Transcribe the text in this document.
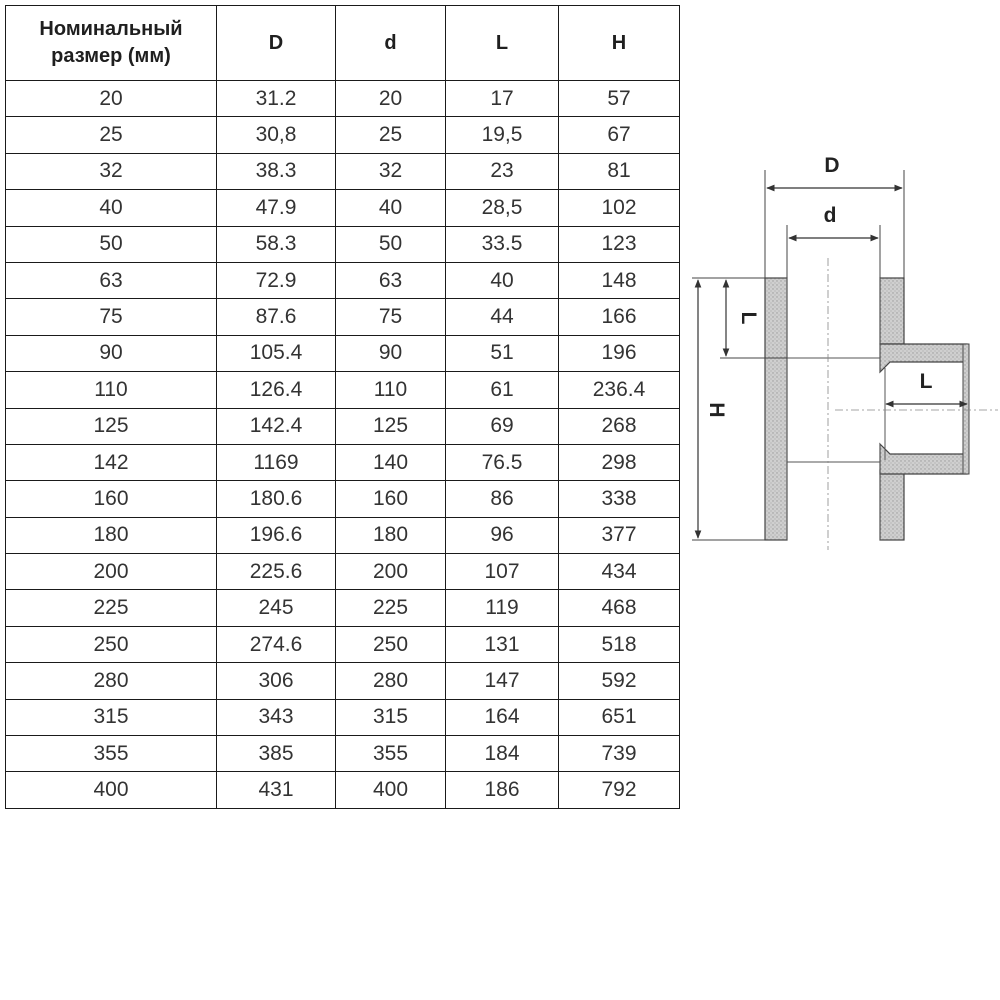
Номинальный размер (мм)	D	d	L	H
20	31.2	20	17	57
25	30,8	25	19,5	67
32	38.3	32	23	81
40	47.9	40	28,5	102
50	58.3	50	33.5	123
63	72.9	63	40	148
75	87.6	75	44	166
90	105.4	90	51	196
110	126.4	110	61	236.4
125	142.4	125	69	268
142	1169	140	76.5	298
160	180.6	160	86	338
180	196.6	180	96	377
200	225.6	200	107	434
225	245	225	119	468
250	274.6	250	131	518
280	306	280	147	592
315	343	315	164	651
355	385	355	184	739
400	431	400	186	792
D
d
H
L
L
